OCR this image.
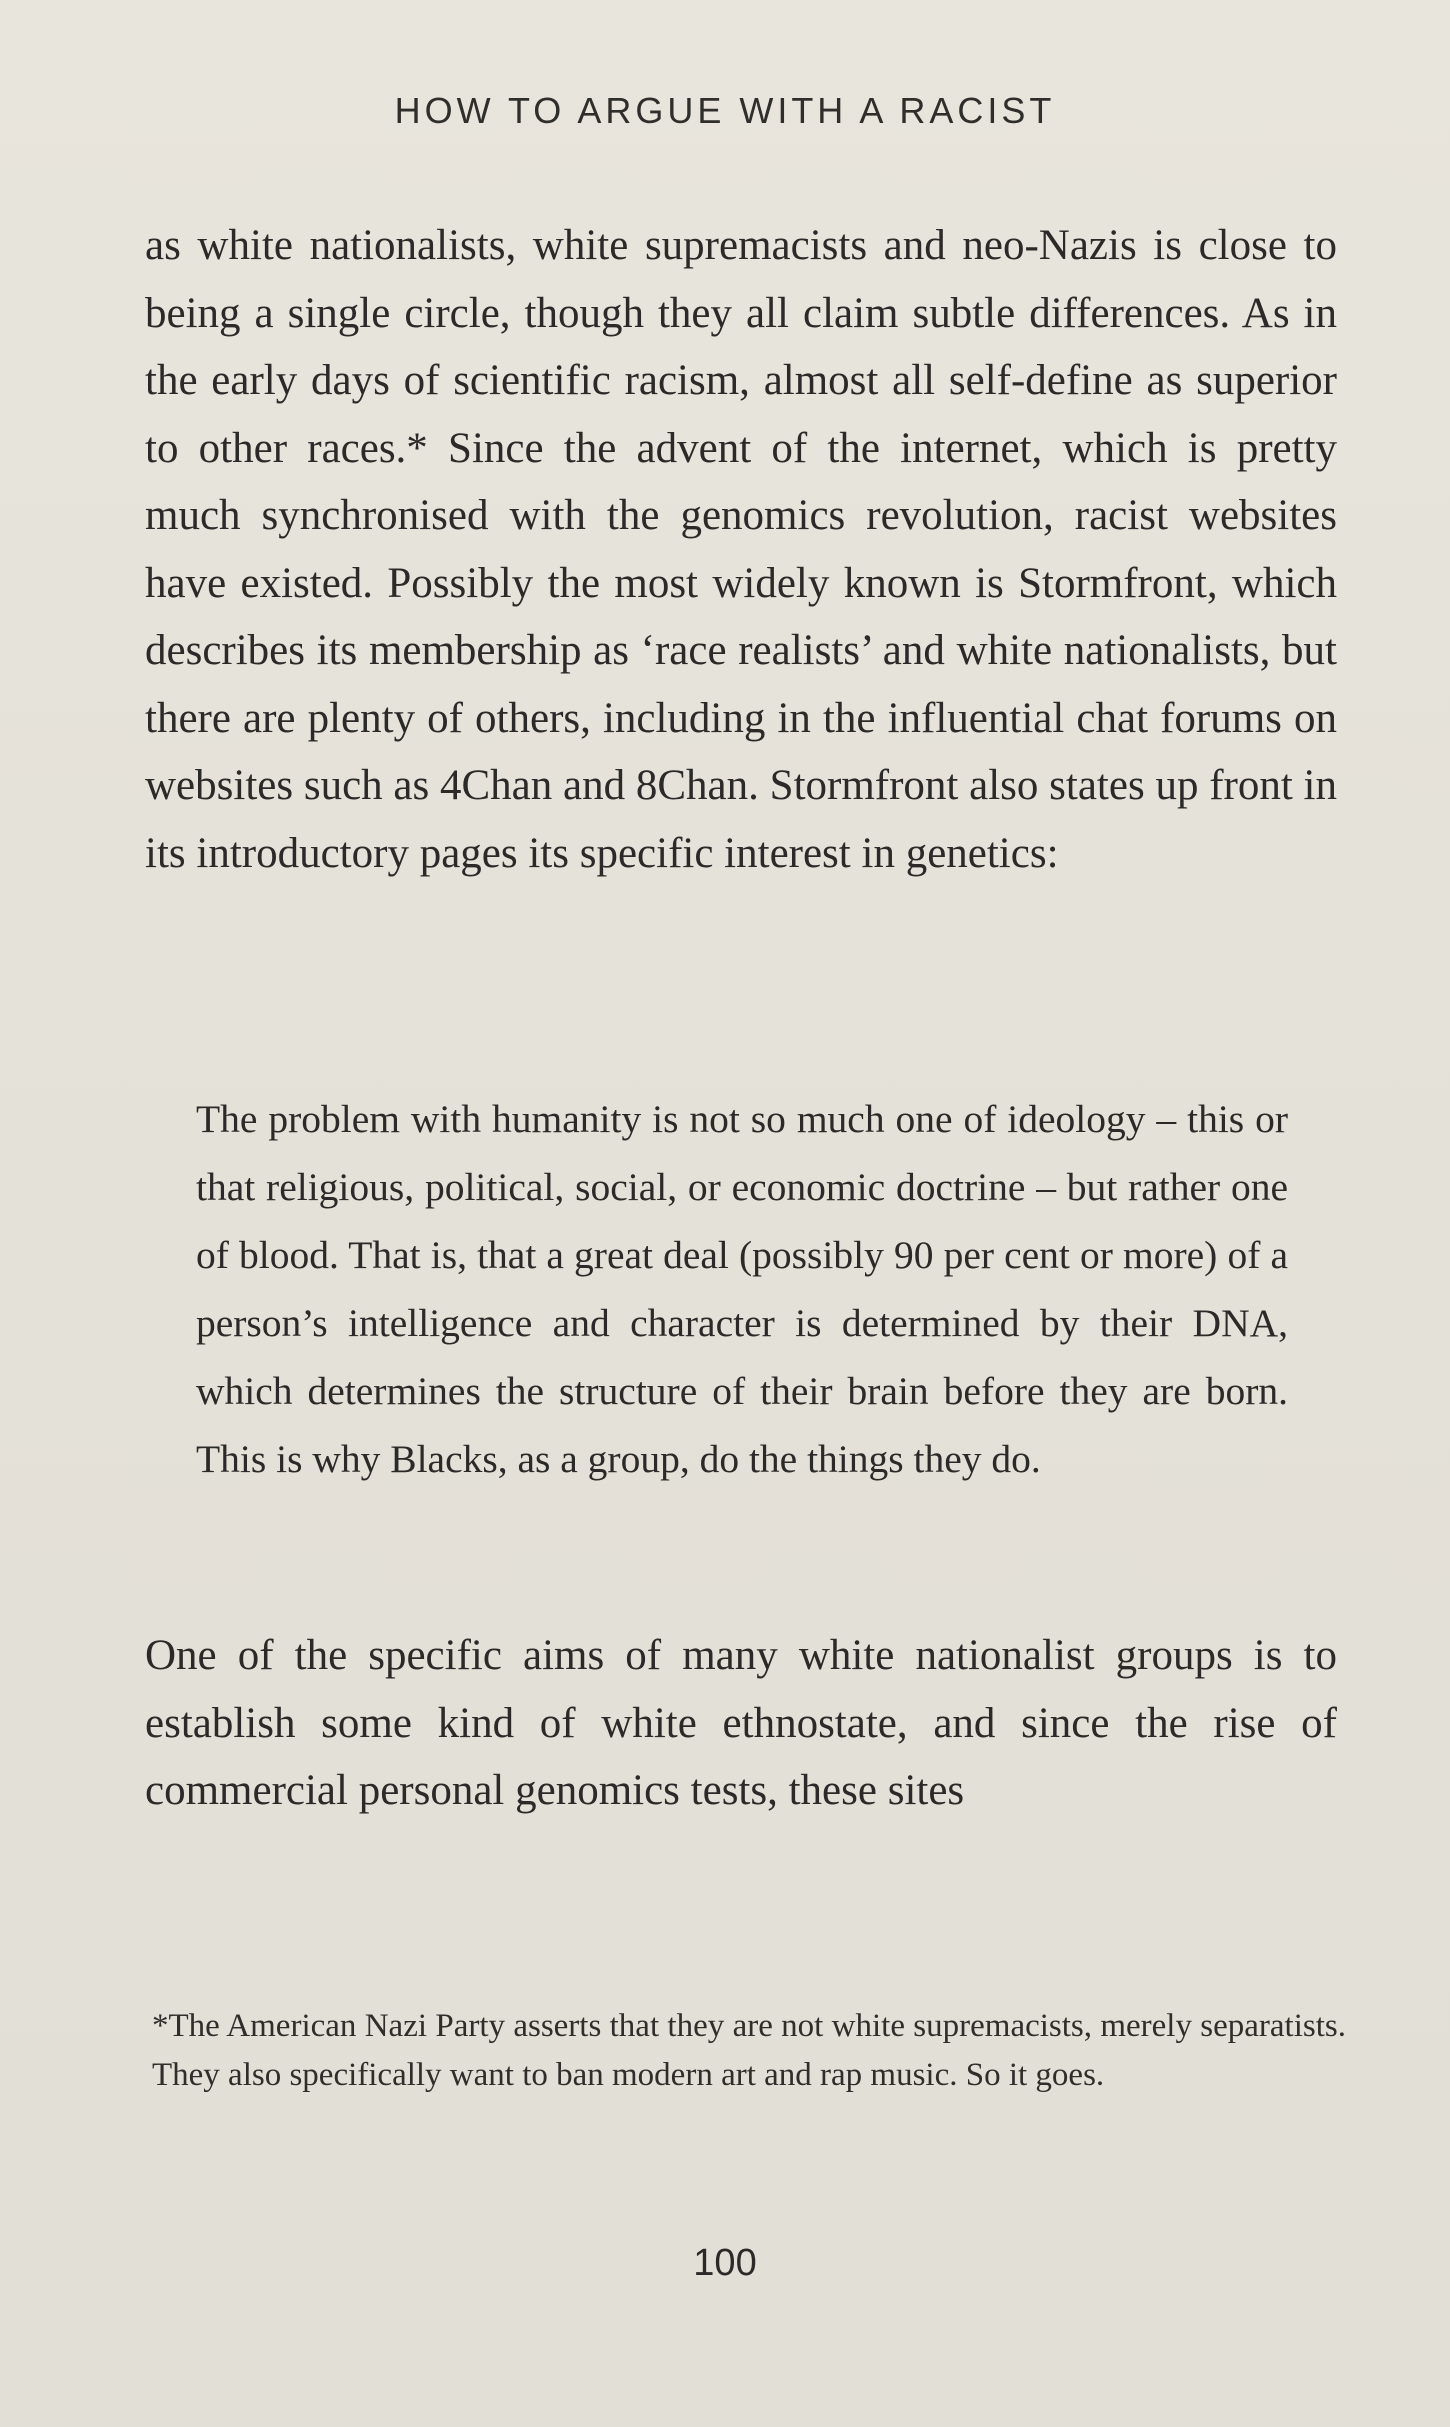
HOW TO ARGUE WITH A RACIST
as white nationalists, white supremacists and neo-Nazis is close to being a single circle, though they all claim subtle differences. As in the early days of scientific racism, almost all self-define as superior to other races.* Since the advent of the internet, which is pretty much synchronised with the genomics revolution, racist websites have existed. Possibly the most widely known is Stormfront, which describes its membership as ‘race realists’ and white nationalists, but there are plenty of others, including in the influential chat forums on websites such as 4Chan and 8Chan. Stormfront also states up front in its introductory pages its specific interest in genetics:
The problem with humanity is not so much one of ideology – this or that religious, political, social, or economic doctrine – but rather one of blood. That is, that a great deal (possibly 90 per cent or more) of a person’s intelligence and character is determined by their DNA, which determines the structure of their brain before they are born. This is why Blacks, as a group, do the things they do.
One of the specific aims of many white nationalist groups is to establish some kind of white ethnostate, and since the rise of commercial personal genomics tests, these sites
*The American Nazi Party asserts that they are not white supremacists, merely separatists. They also specifically want to ban modern art and rap music. So it goes.
100
